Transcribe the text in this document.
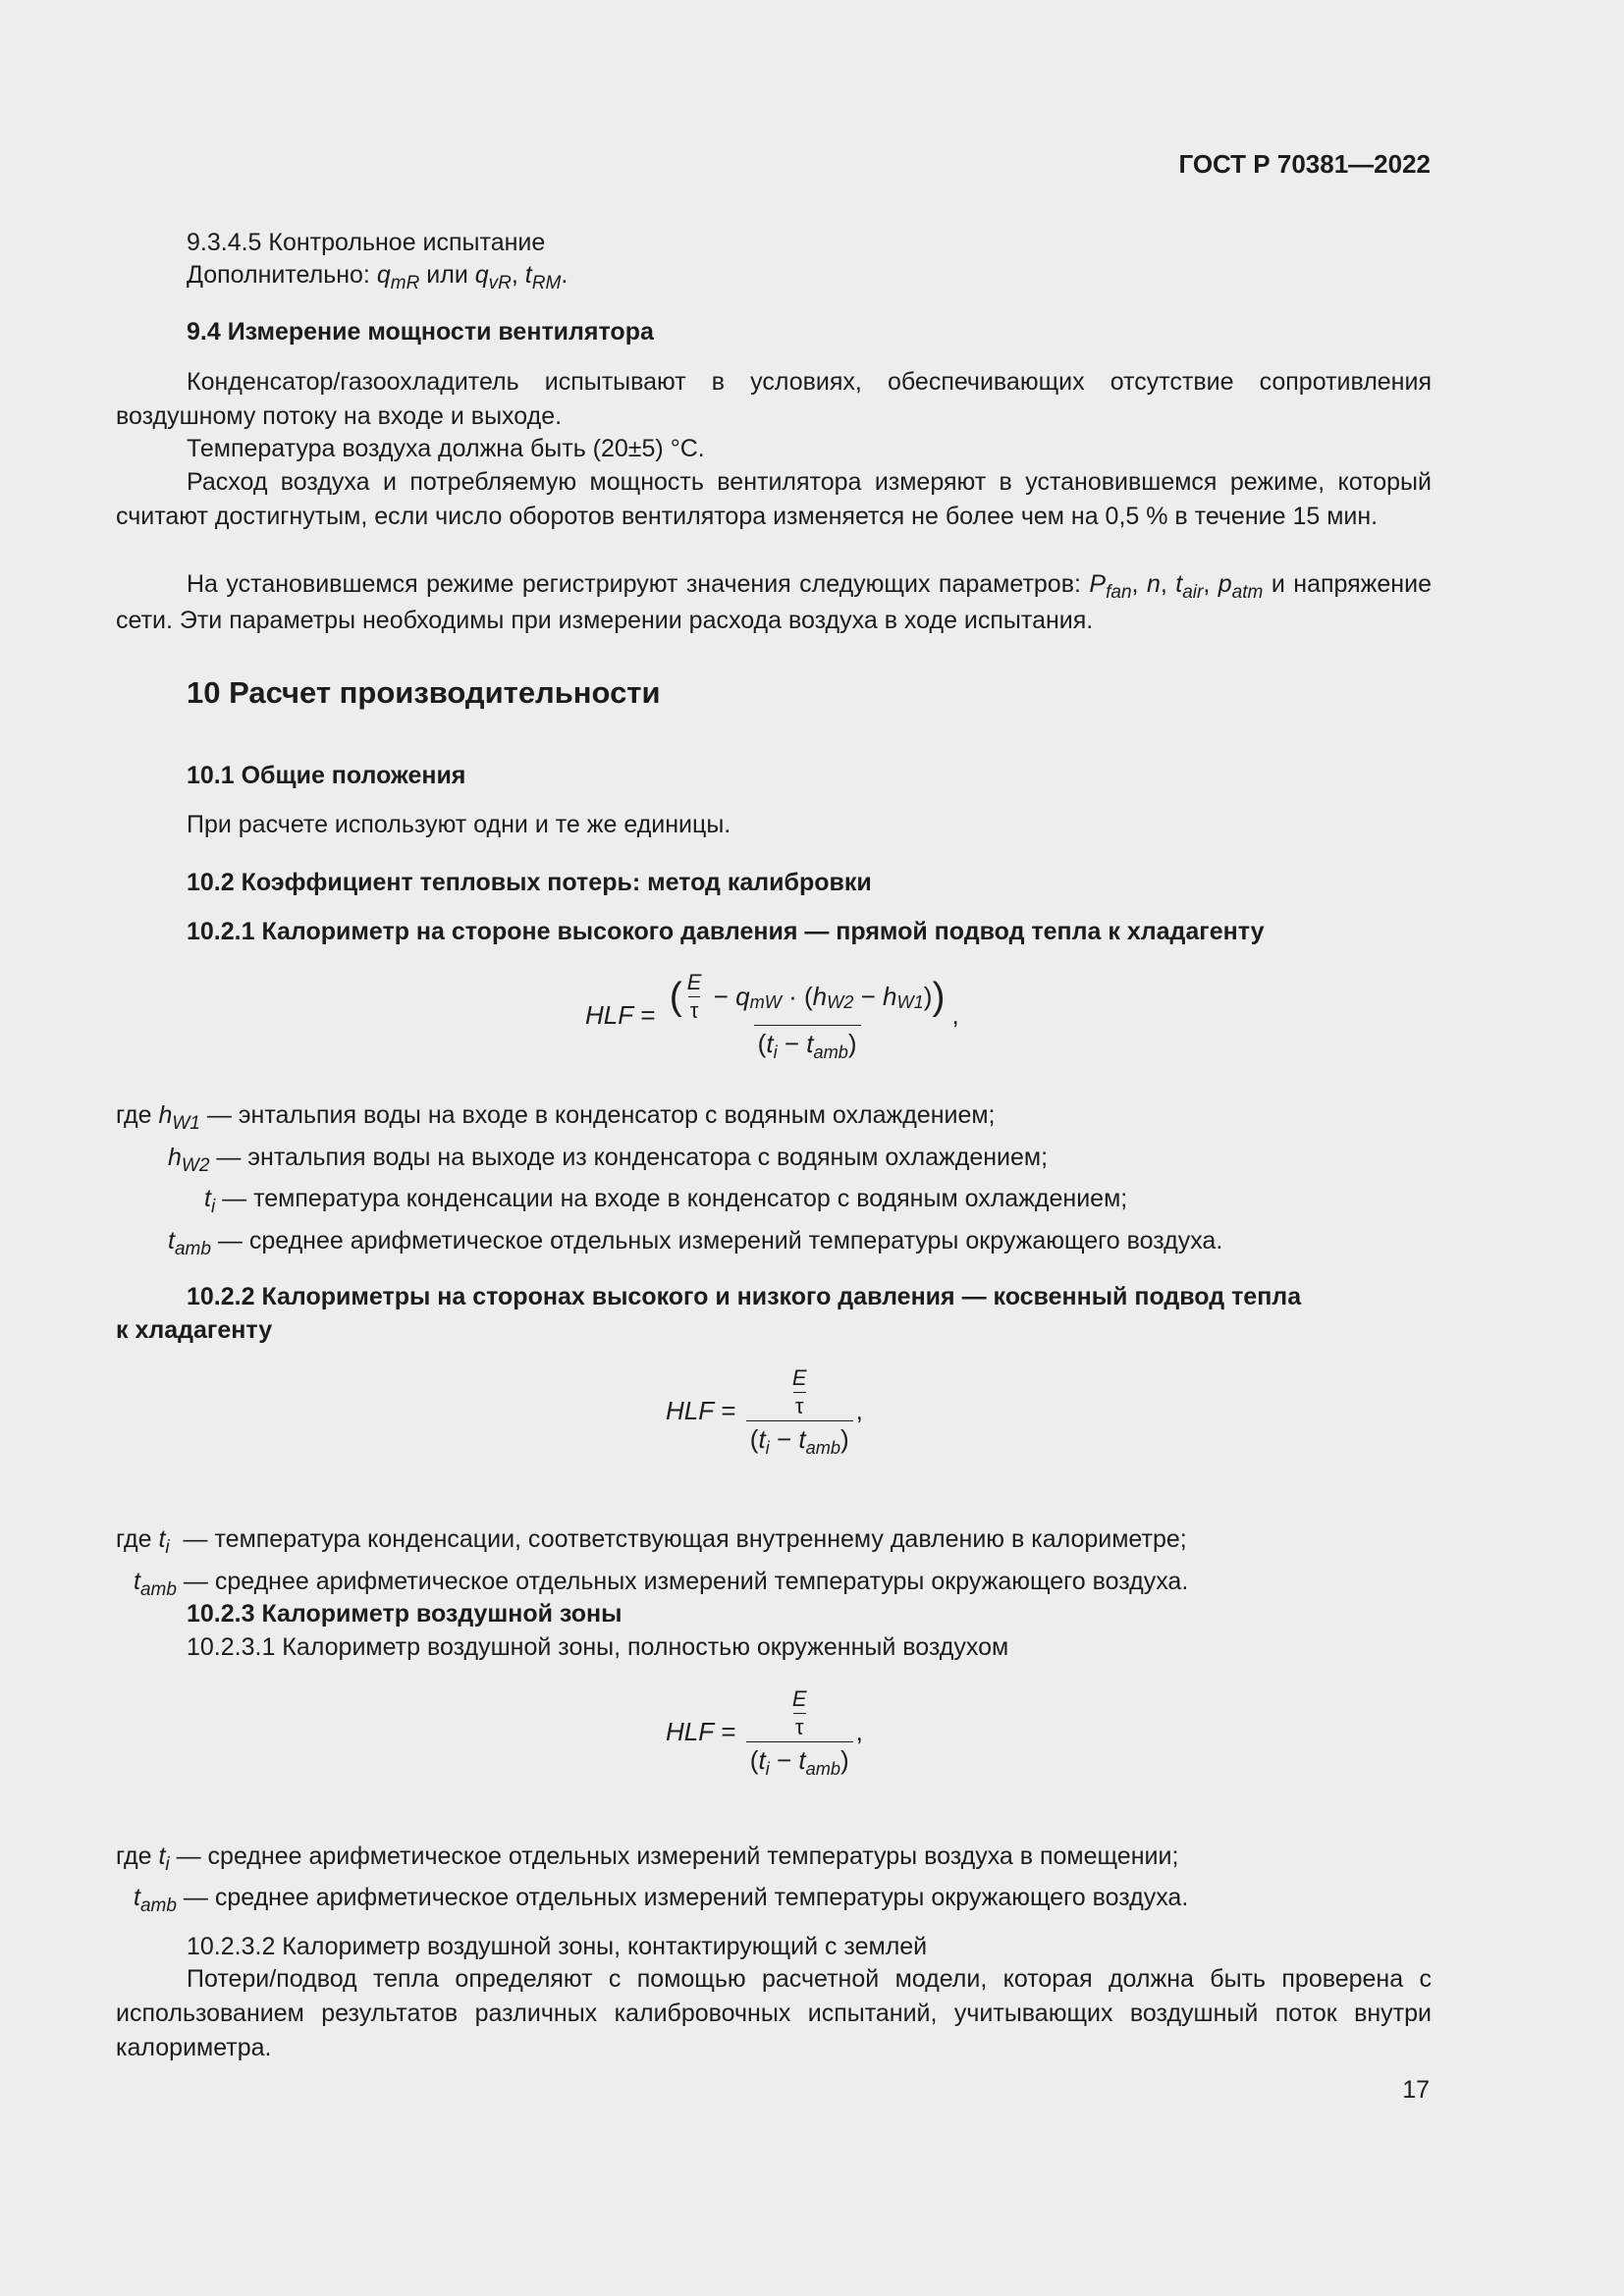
ГОСТ Р 70381—2022
9.3.4.5 Контрольное испытание
Дополнительно: $q_{mR}$ или $q_{vR}$, $t_{RM}$.
9.4 Измерение мощности вентилятора
Конденсатор/газоохладитель испытывают в условиях, обеспечивающих отсутствие сопротивления воздушному потоку на входе и выходе.
Температура воздуха должна быть (20±5) °С.
Расход воздуха и потребляемую мощность вентилятора измеряют в установившемся режиме, который считают достигнутым, если число оборотов вентилятора изменяется не более чем на 0,5 % в течение 15 мин.
На установившемся режиме регистрируют значения следующих параметров: $P_{fan}$, n, $t_{air}$, $p_{atm}$ и напряжение сети. Эти параметры необходимы при измерении расхода воздуха в ходе испытания.
10 Расчет производительности
10.1 Общие положения
При расчете используют одни и те же единицы.
10.2 Коэффициент тепловых потерь: метод калибровки
10.2.1 Калориметр на стороне высокого давления — прямой подвод тепла к хладагенту
HLF = $\frac{( \frac{E}{\tau} - q mW \cdot ( h W2 - h W1 ) )}{(t_i - t_{amb})}$ ,
где $h_{W1}$ — энтальпия воды на входе в конденсатор с водяным охлаждением;
$h_{W2}$ — энтальпия воды на выходе из конденсатора с водяным охлаждением;
$t_i$ — температура конденсации на входе в конденсатор с водяным охлаждением;
$t_{amb}$ — среднее арифметическое отдельных измерений температуры окружающего воздуха.
10.2.2 Калориметры на сторонах высокого и низкого давления — косвенный подвод тепла
к хладагенту
HLF = $\frac{\frac{E}{\tau}}{(t_i - t_{amb})}$ ,
где $t_i$ — температура конденсации, соответствующая внутреннему давлению в калориметре;
$t_{amb}$ — среднее арифметическое отдельных измерений температуры окружающего воздуха.
10.2.3 Калориметр воздушной зоны
10.2.3.1 Калориметр воздушной зоны, полностью окруженный воздухом
HLF = $\frac{\frac{E}{\tau}}{(t_i - t_{amb})}$ ,
где $t_i$ — среднее арифметическое отдельных измерений температуры воздуха в помещении;
$t_{amb}$ — среднее арифметическое отдельных измерений температуры окружающего воздуха.
10.2.3.2 Калориметр воздушной зоны, контактирующий с землей
Потери/подвод тепла определяют с помощью расчетной модели, которая должна быть проверена с использованием результатов различных калибровочных испытаний, учитывающих воздушный поток внутри калориметра.
17
